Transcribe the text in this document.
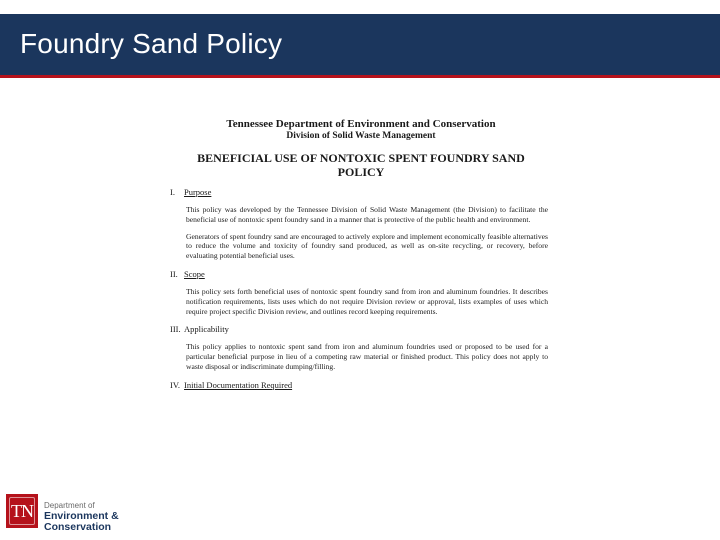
Foundry Sand Policy
Tennessee Department of Environment and Conservation
Division of Solid Waste Management
BENEFICIAL USE OF NONTOXIC SPENT FOUNDRY SAND POLICY
I. Purpose
This policy was developed by the Tennessee Division of Solid Waste Management (the Division) to facilitate the beneficial use of nontoxic spent foundry sand in a manner that is protective of the public health and environment.
Generators of spent foundry sand are encouraged to actively explore and implement economically feasible alternatives to reduce the volume and toxicity of foundry sand produced, as well as on-site recycling, or recovery, before evaluating potential beneficial uses.
II. Scope
This policy sets forth beneficial uses of nontoxic spent foundry sand from iron and aluminum foundries. It describes notification requirements, lists uses which do not require Division review or approval, lists examples of uses which require project specific Division review, and outlines record keeping requirements.
III. Applicability
This policy applies to nontoxic spent sand from iron and aluminum foundries used or proposed to be used for a particular beneficial purpose in lieu of a competing raw material or finished product. This policy does not apply to waste disposal or indiscriminate dumping/filling.
IV. Initial Documentation Required
TN	Department of
Environment &
Conservation
